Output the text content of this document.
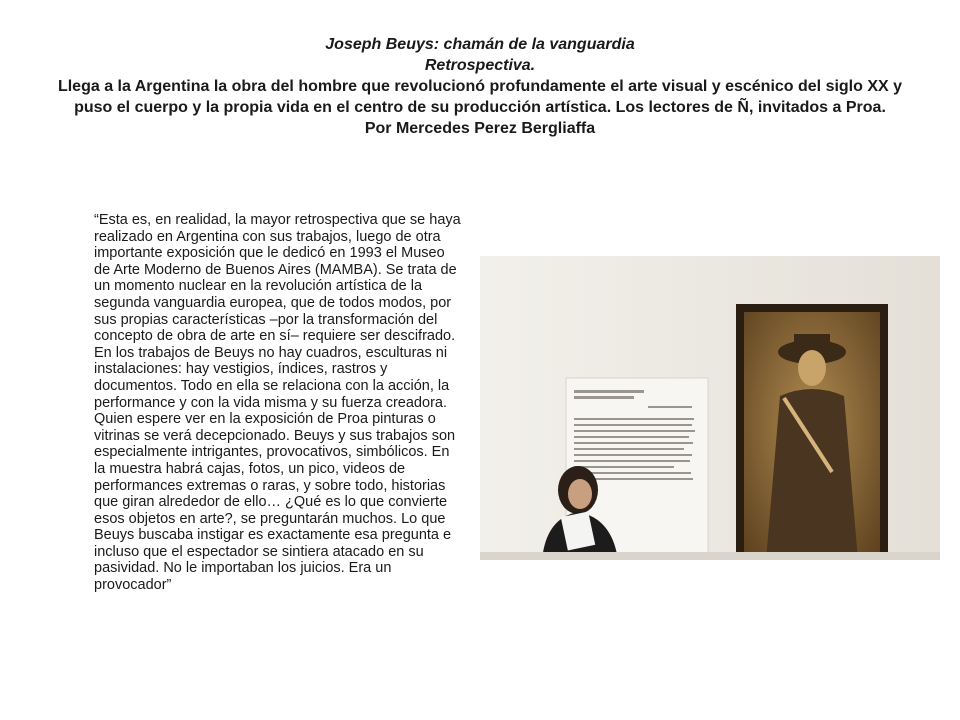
Joseph Beuys: chamán de la vanguardia
Retrospectiva.
Llega a la Argentina la obra del hombre que revolucionó profundamente el arte visual y escénico del siglo XX y puso el cuerpo y la propia vida en el centro de su producción artística. Los lectores de Ñ, invitados a Proa.
Por Mercedes Perez Bergliaffa
“Esta es, en realidad, la mayor retrospectiva que se haya realizado en Argentina con sus trabajos, luego de otra importante exposición que le dedicó en 1993 el Museo de Arte Moderno de Buenos Aires (MAMBA). Se trata de un momento nuclear en la revolución artística de la segunda vanguardia europea, que de todos modos, por sus propias características –por la transformación del concepto de obra de arte en sí– requiere ser descifrado. En los trabajos de Beuys no hay cuadros, esculturas ni instalaciones: hay vestigios, índices, rastros y documentos. Todo en ella se relaciona con la acción, la performance y con la vida misma y su fuerza creadora. Quien espere ver en la exposición de Proa pinturas o vitrinas se verá decepcionado. Beuys y sus trabajos son especialmente intrigantes, provocativos, simbólicos. En la muestra habrá cajas, fotos, un pico, videos de performances extremas o raras, y sobre todo, historias que giran alrededor de ello… ¿Qué es lo que convierte esos objetos en arte?, se preguntarán muchos. Lo que Beuys buscaba instigar es exactamente esa pregunta e incluso que el espectador se sintiera atacado en su pasividad. No le importaban los juicios. Era un provocador”
